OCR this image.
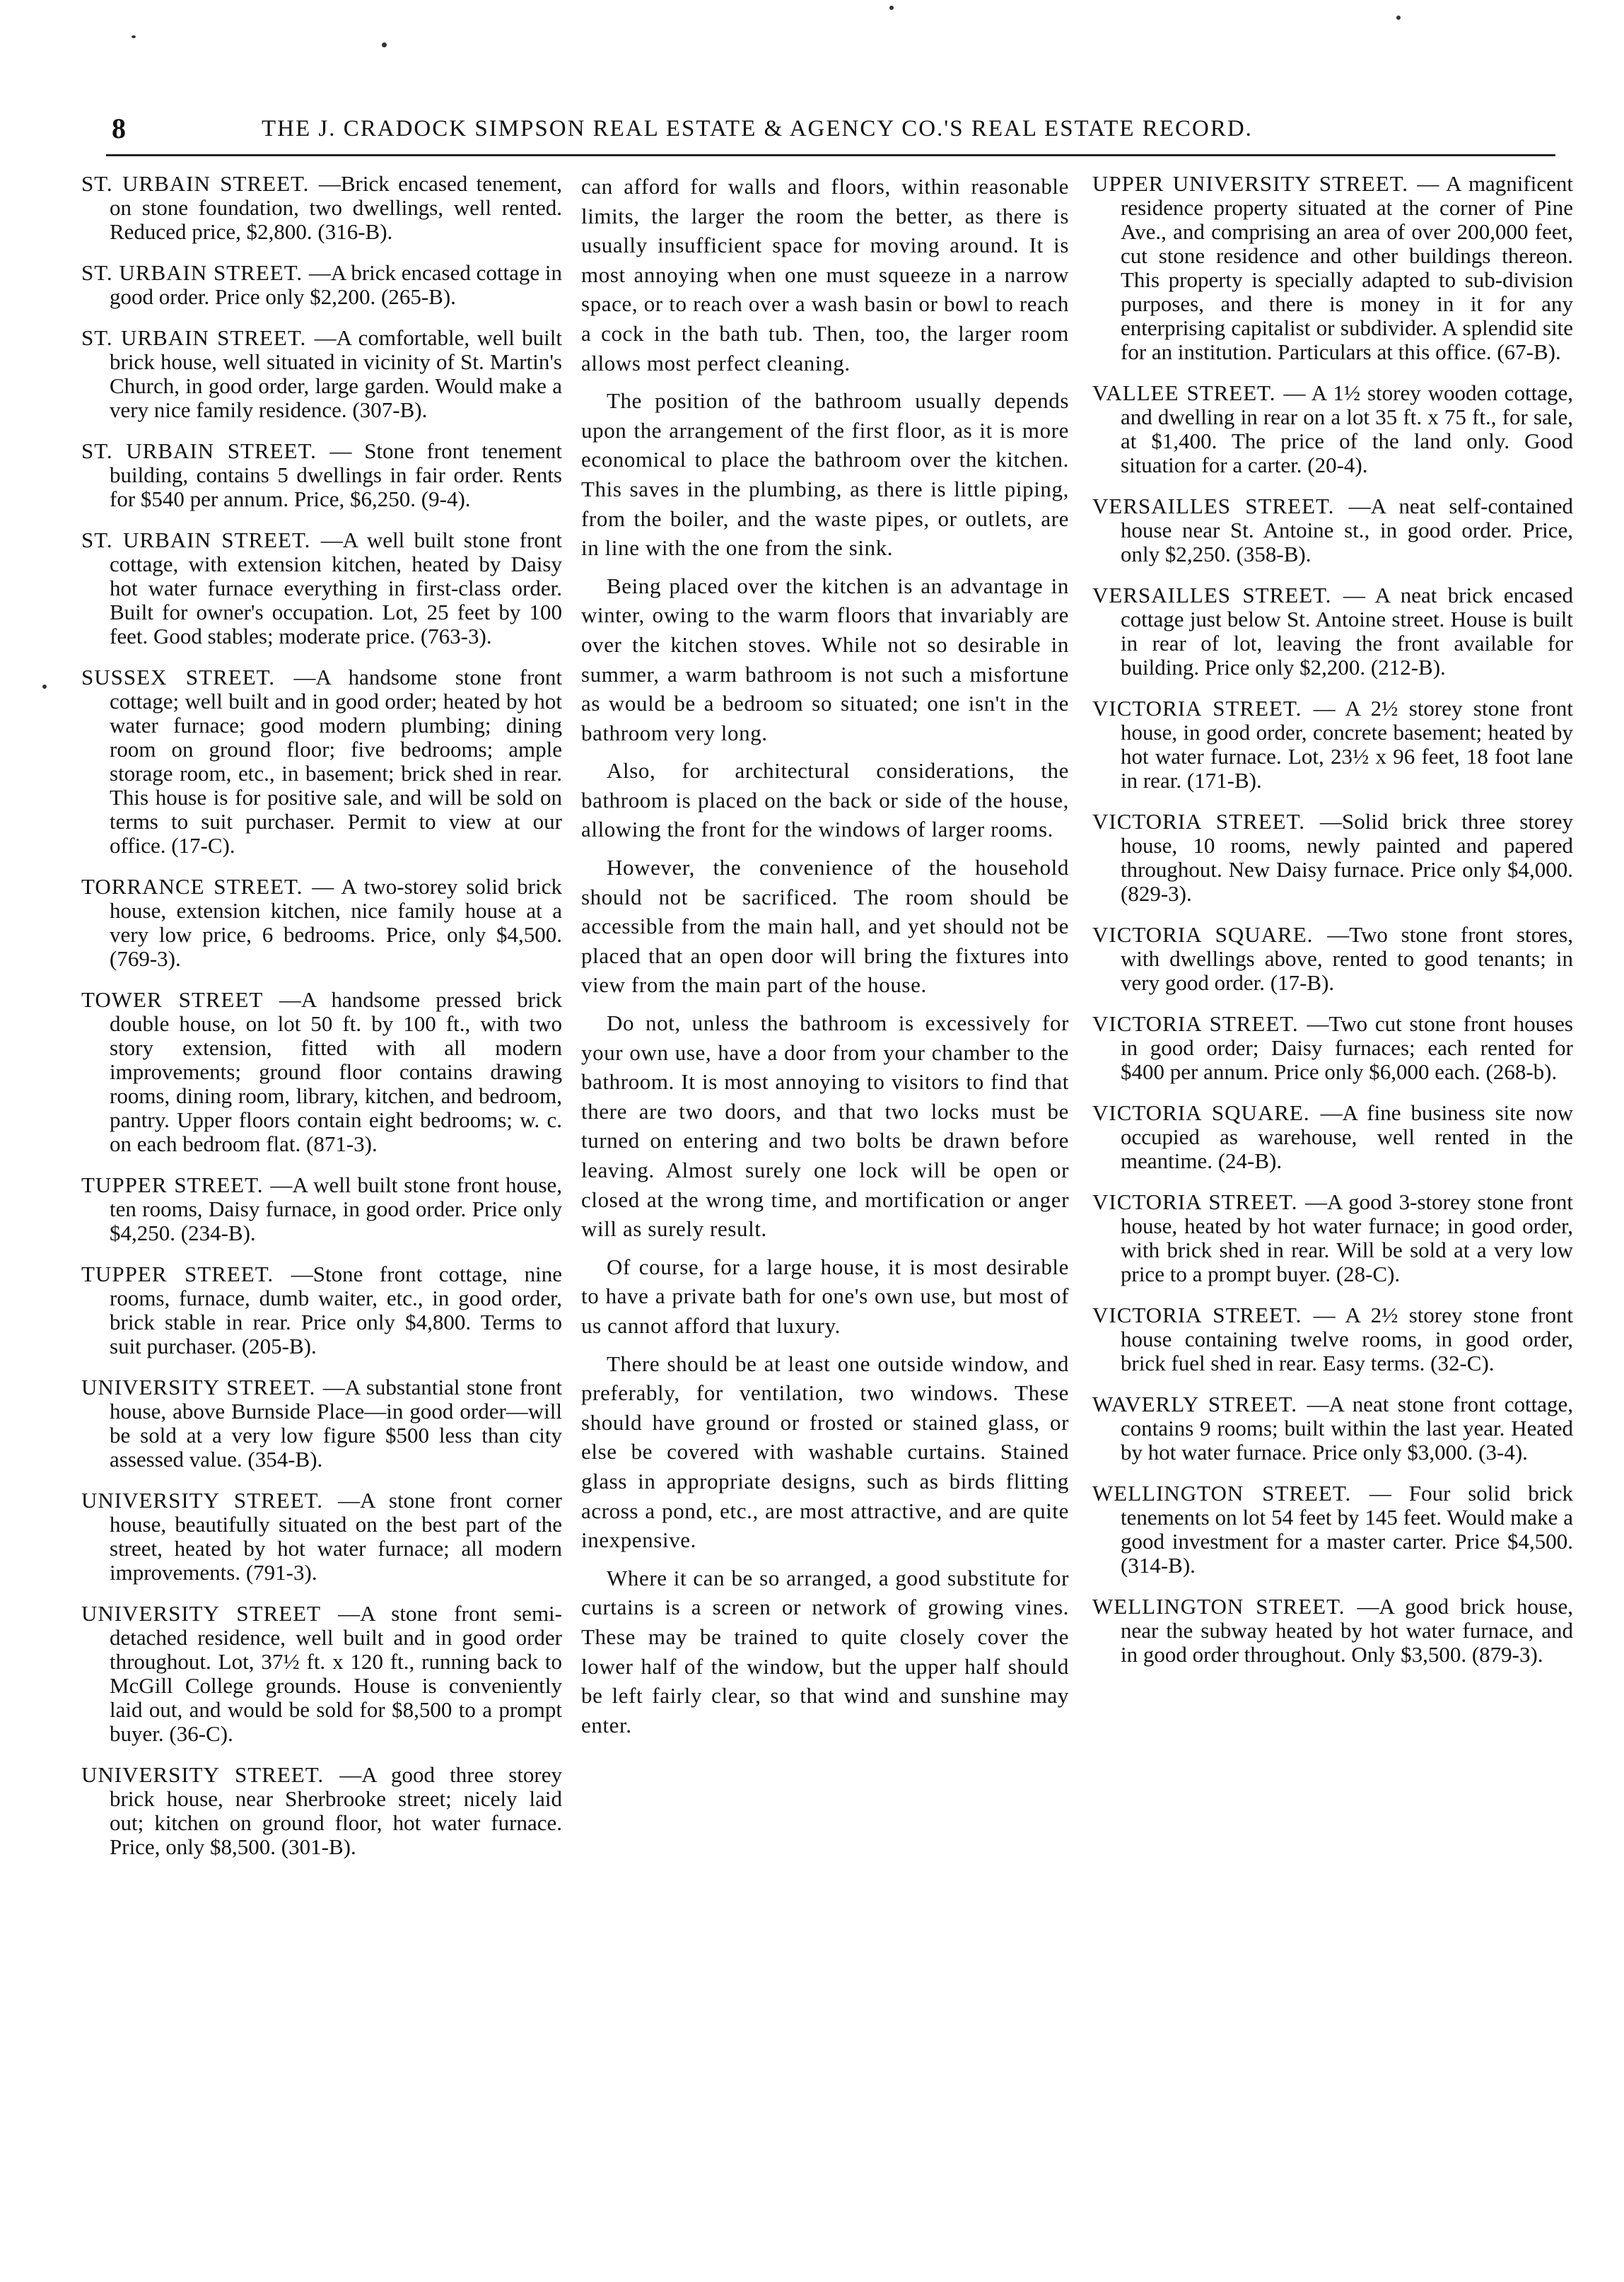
8	THE J. CRADOCK SIMPSON REAL ESTATE & AGENCY CO.'S REAL ESTATE RECORD.

ST. URBAIN STREET. —Brick encased tenement, on stone foundation, two dwellings, well rented. Reduced price, $2,800. (316-B).

ST. URBAIN STREET. —A brick encased cottage in good order. Price only $2,200. (265-B).

ST. URBAIN STREET. —A comfortable, well built brick house, well situated in vicinity of St. Martin's Church, in good order, large garden. Would make a very nice family residence. (307-B).

ST. URBAIN STREET. — Stone front tenement building, contains 5 dwellings in fair order. Rents for $540 per annum. Price, $6,250. (9-4).

ST. URBAIN STREET. —A well built stone front cottage, with extension kitchen, heated by Daisy hot water furnace everything in first-class order. Built for owner's occupation. Lot, 25 feet by 100 feet. Good stables; moderate price. (763-3).

SUSSEX STREET. —A handsome stone front cottage; well built and in good order; heated by hot water furnace; good modern plumbing; dining room on ground floor; five bedrooms; ample storage room, etc., in basement; brick shed in rear. This house is for positive sale, and will be sold on terms to suit purchaser. Permit to view at our office. (17-C).

TORRANCE STREET. — A two-storey solid brick house, extension kitchen, nice family house at a very low price, 6 bedrooms. Price, only $4,500. (769-3).

TOWER STREET —A handsome pressed brick double house, on lot 50 ft. by 100 ft., with two story extension, fitted with all modern improvements; ground floor contains drawing rooms, dining room, library, kitchen, and bedroom, pantry. Upper floors contain eight bedrooms; w. c. on each bedroom flat. (871-3).

TUPPER STREET. —A well built stone front house, ten rooms, Daisy furnace, in good order. Price only $4,250. (234-B).

TUPPER STREET. —Stone front cottage, nine rooms, furnace, dumb waiter, etc., in good order, brick stable in rear. Price only $4,800. Terms to suit purchaser. (205-B).

UNIVERSITY STREET. —A substantial stone front house, above Burnside Place—in good order—will be sold at a very low figure $500 less than city assessed value. (354-B).

UNIVERSITY STREET. —A stone front corner house, beautifully situated on the best part of the street, heated by hot water furnace; all modern improvements. (791-3).

UNIVERSITY STREET —A stone front semi-detached residence, well built and in good order throughout. Lot, 37½ ft. x 120 ft., running back to McGill College grounds. House is conveniently laid out, and would be sold for $8,500 to a prompt buyer. (36-C).

UNIVERSITY STREET. —A good three storey brick house, near Sherbrooke street; nicely laid out; kitchen on ground floor, hot water furnace. Price, only $8,500. (301-B).

can afford for walls and floors, within reasonable limits, the larger the room the better, as there is usually insufficient space for moving around. It is most annoying when one must squeeze in a narrow space, or to reach over a wash basin or bowl to reach a cock in the bath tub. Then, too, the larger room allows most perfect cleaning.

The position of the bathroom usually depends upon the arrangement of the first floor, as it is more economical to place the bathroom over the kitchen. This saves in the plumbing, as there is little piping, from the boiler, and the waste pipes, or outlets, are in line with the one from the sink.

Being placed over the kitchen is an advantage in winter, owing to the warm floors that invariably are over the kitchen stoves. While not so desirable in summer, a warm bathroom is not such a misfortune as would be a bedroom so situated; one isn't in the bathroom very long.

Also, for architectural considerations, the bathroom is placed on the back or side of the house, allowing the front for the windows of larger rooms.

However, the convenience of the household should not be sacrificed. The room should be accessible from the main hall, and yet should not be placed that an open door will bring the fixtures into view from the main part of the house.

Do not, unless the bathroom is excessively for your own use, have a door from your chamber to the bathroom. It is most annoying to visitors to find that there are two doors, and that two locks must be turned on entering and two bolts be drawn before leaving. Almost surely one lock will be open or closed at the wrong time, and mortification or anger will as surely result.

Of course, for a large house, it is most desirable to have a private bath for one's own use, but most of us cannot afford that luxury.

There should be at least one outside window, and preferably, for ventilation, two windows. These should have ground or frosted or stained glass, or else be covered with washable curtains. Stained glass in appropriate designs, such as birds flitting across a pond, etc., are most attractive, and are quite inexpensive.

Where it can be so arranged, a good substitute for curtains is a screen or network of growing vines. These may be trained to quite closely cover the lower half of the window, but the upper half should be left fairly clear, so that wind and sunshine may enter.

UPPER UNIVERSITY STREET. — A magnificent residence property situated at the corner of Pine Ave., and comprising an area of over 200,000 feet, cut stone residence and other buildings thereon. This property is specially adapted to sub-division purposes, and there is money in it for any enterprising capitalist or subdivider. A splendid site for an institution. Particulars at this office. (67-B).

VALLEE STREET. — A 1½ storey wooden cottage, and dwelling in rear on a lot 35 ft. x 75 ft., for sale, at $1,400. The price of the land only. Good situation for a carter. (20-4).

VERSAILLES STREET. —A neat self-contained house near St. Antoine st., in good order. Price, only $2,250. (358-B).

VERSAILLES STREET. — A neat brick encased cottage just below St. Antoine street. House is built in rear of lot, leaving the front available for building. Price only $2,200. (212-B).

VICTORIA STREET. — A 2½ storey stone front house, in good order, concrete basement; heated by hot water furnace. Lot, 23½ x 96 feet, 18 foot lane in rear. (171-B).

VICTORIA STREET. —Solid brick three storey house, 10 rooms, newly painted and papered throughout. New Daisy furnace. Price only $4,000. (829-3).

VICTORIA SQUARE. —Two stone front stores, with dwellings above, rented to good tenants; in very good order. (17-B).

VICTORIA STREET. —Two cut stone front houses in good order; Daisy furnaces; each rented for $400 per annum. Price only $6,000 each. (268-b).

VICTORIA SQUARE. —A fine business site now occupied as warehouse, well rented in the meantime. (24-B).

VICTORIA STREET. —A good 3-storey stone front house, heated by hot water furnace; in good order, with brick shed in rear. Will be sold at a very low price to a prompt buyer. (28-C).

VICTORIA STREET. — A 2½ storey stone front house containing twelve rooms, in good order, brick fuel shed in rear. Easy terms. (32-C).

WAVERLY STREET. —A neat stone front cottage, contains 9 rooms; built within the last year. Heated by hot water furnace. Price only $3,000. (3-4).

WELLINGTON STREET. — Four solid brick tenements on lot 54 feet by 145 feet. Would make a good investment for a master carter. Price $4,500. (314-B).

WELLINGTON STREET. —A good brick house, near the subway heated by hot water furnace, and in good order throughout. Only $3,500. (879-3).
